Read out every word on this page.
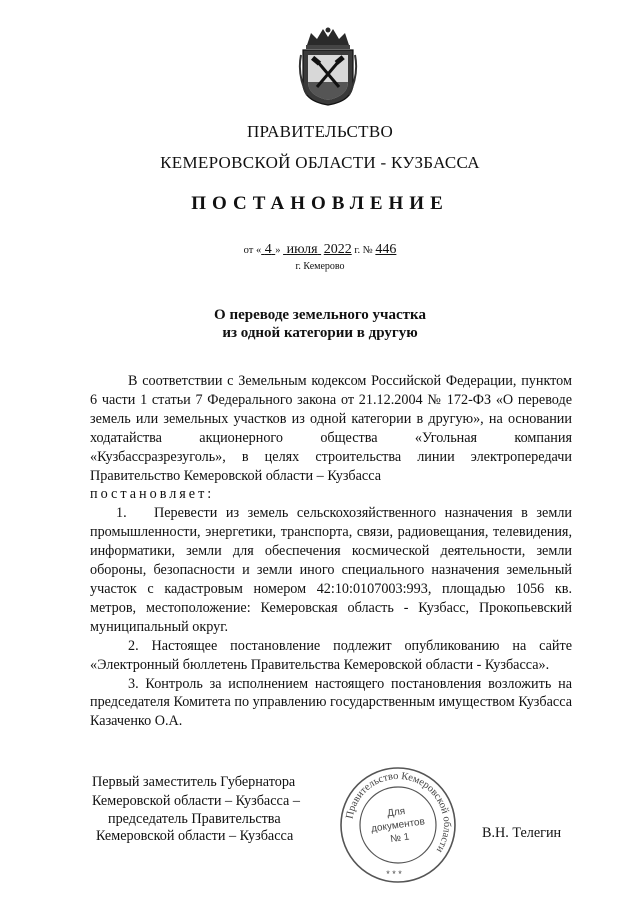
ПРАВИТЕЛЬСТВО
КЕМЕРОВСКОЙ ОБЛАСТИ - КУЗБАССА
ПОСТАНОВЛЕНИЕ
от « 4 » июля 2022 г. № 446
г. Кемерово
О переводе земельного участка
из одной категории в другую

В соответствии с Земельным кодексом Российской Федерации, пунктом 6 части 1 статьи 7 Федерального закона от 21.12.2004 № 172-ФЗ «О переводе земель или земельных участков из одной категории в другую», на основании ходатайства акционерного общества «Угольная компания «Кузбассразрезуголь», в целях строительства линии электропередачи Правительство Кемеровской области – Кузбасса

постановляет:

1. Перевести из земель сельскохозяйственного назначения в земли промышленности, энергетики, транспорта, связи, радиовещания, телевидения, информатики, земли для обеспечения космической деятельности, земли обороны, безопасности и земли иного специального назначения земельный участок с кадастровым номером 42:10:0107003:993, площадью 1056 кв. метров, местоположение: Кемеровская область - Кузбасс, Прокопьевский муниципальный округ.

2. Настоящее постановление подлежит опубликованию на сайте «Электронный бюллетень Правительства Кемеровской области - Кузбасса».

3. Контроль за исполнением настоящего постановления возложить на председателя Комитета по управлению государственным имуществом Кузбасса Казаченко О.А.

Первый заместитель Губернатора
Кемеровской области – Кузбасса –
председатель Правительства
Кемеровской области – Кузбасса
Правительство Кемеровской области
Для
документов
№ 1
* * *
В.Н. Телегин
